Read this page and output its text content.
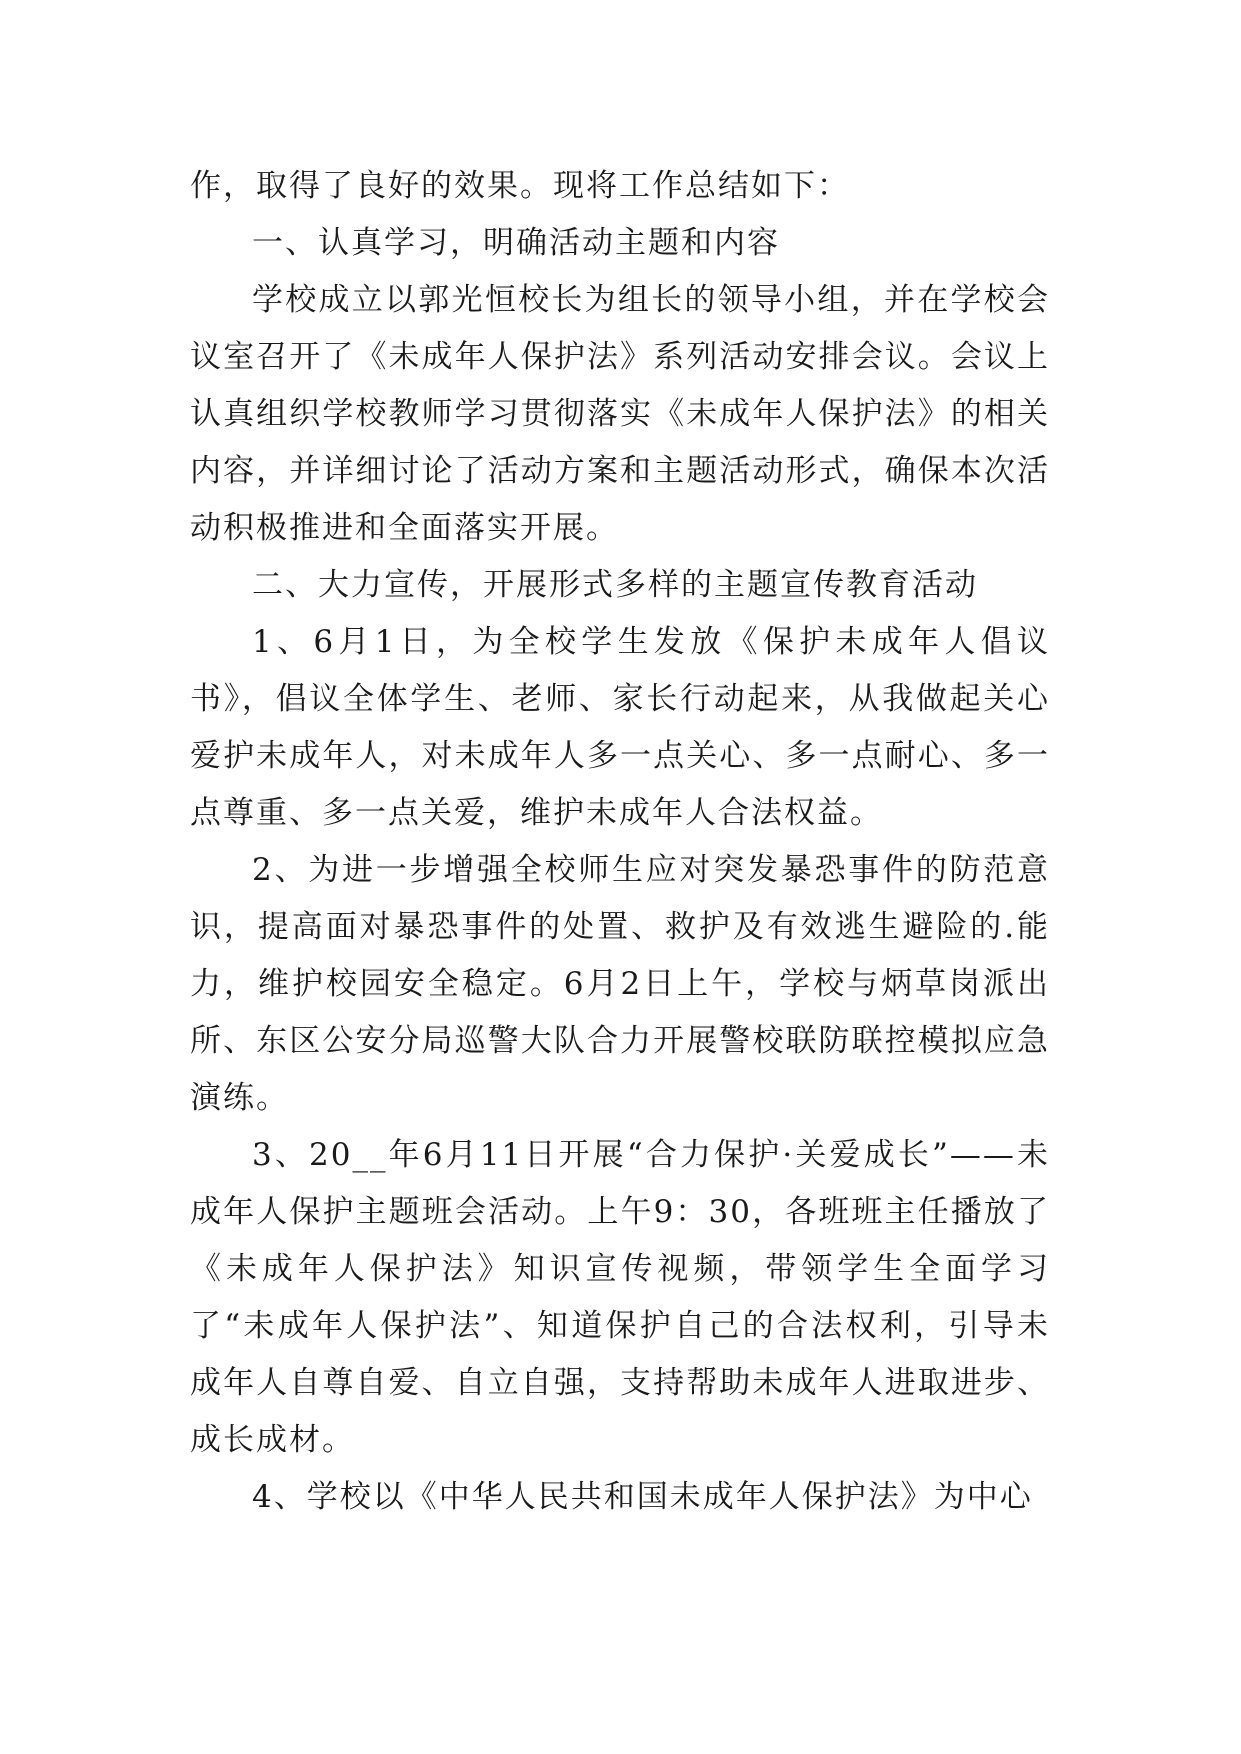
作，取得了良好的效果。现将工作总结如下：

一、认真学习，明确活动主题和内容

学校成立以郭光恒校长为组长的领导小组，并在学校会议室召开了《未成年人保护法》系列活动安排会议。会议上认真组织学校教师学习贯彻落实《未成年人保护法》的相关内容，并详细讨论了活动方案和主题活动形式，确保本次活动积极推进和全面落实开展。

二、大力宣传，开展形式多样的主题宣传教育活动

1、6月1日，为全校学生发放《保护未成年人倡议书》，倡议全体学生、老师、家长行动起来，从我做起关心爱护未成年人，对未成年人多一点关心、多一点耐心、多一点尊重、多一点关爱，维护未成年人合法权益。

2、为进一步增强全校师生应对突发暴恐事件的防范意识，提高面对暴恐事件的处置、救护及有效逃生避险的.能力，维护校园安全稳定。6月2日上午，学校与炳草岗派出所、东区公安分局巡警大队合力开展警校联防联控模拟应急演练。

3、20__年6月11日开展“合力保护·关爱成长”——未成年人保护主题班会活动。上午9：30，各班班主任播放了《未成年人保护法》知识宣传视频，带领学生全面学习了“未成年人保护法”、知道保护自己的合法权利，引导未成年人自尊自爱、自立自强，支持帮助未成年人进取进步、成长成材。

4、学校以《中华人民共和国未成年人保护法》为中心
